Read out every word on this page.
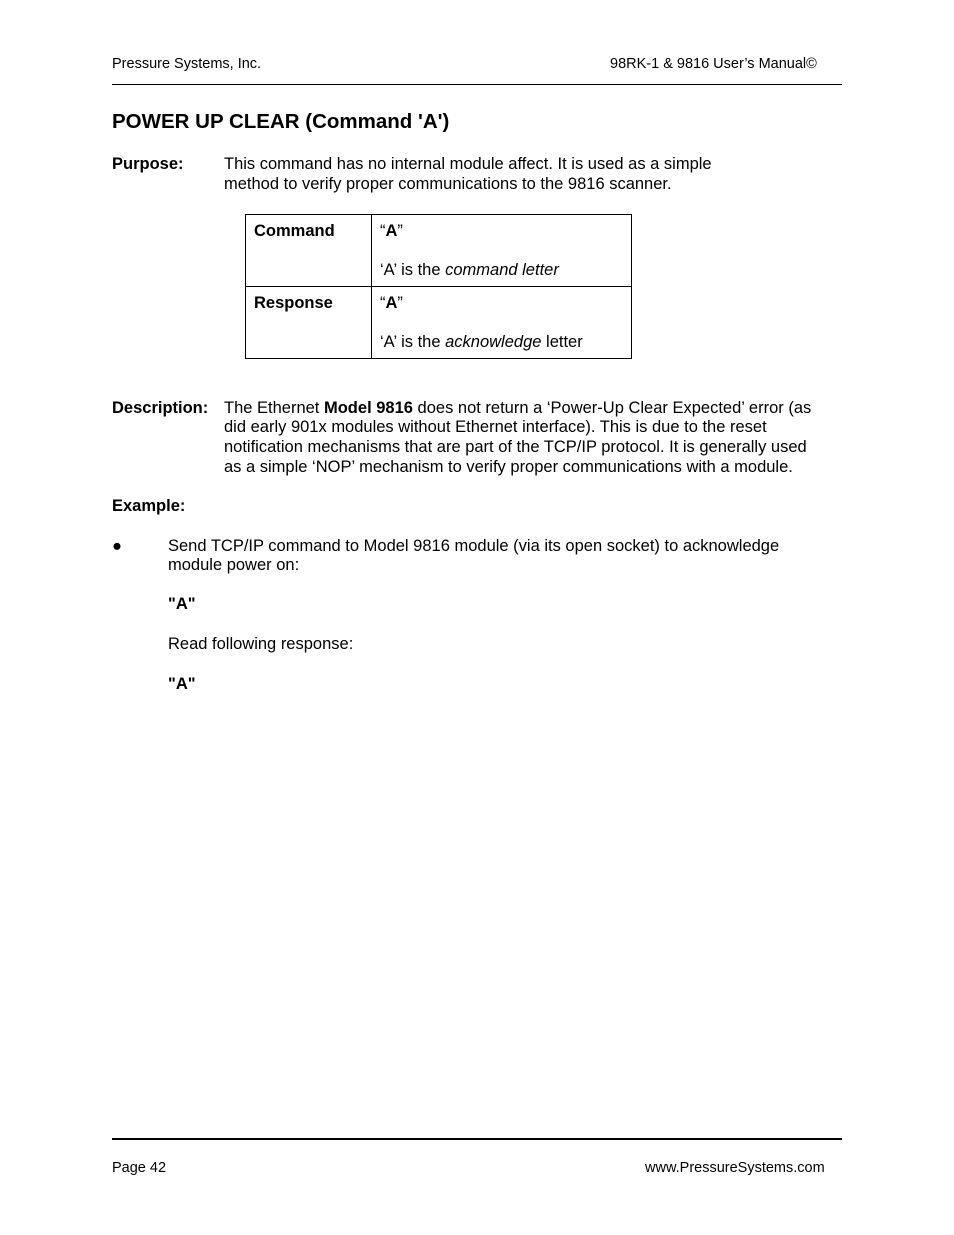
Pressure Systems, Inc.	98RK-1 & 9816 User’s Manual©
POWER UP CLEAR (Command 'A')
Purpose: This command has no internal module affect. It is used as a simple
method to verify proper communications to the 9816 scanner.
Command	“A”
‘A’ is the command letter

Response	“A”
‘A’ is the acknowledge letter
Description: The Ethernet Model 9816 does not return a ‘Power-Up Clear Expected’ error (as
did early 901x modules without Ethernet interface). This is due to the reset
notification mechanisms that are part of the TCP/IP protocol. It is generally used
as a simple ‘NOP’ mechanism to verify proper communications with a module.
Example:
●	Send TCP/IP command to Model 9816 module (via its open socket) to acknowledge
module power on:
"A"
Read following response:
"A"
Page 42	www.PressureSystems.com
